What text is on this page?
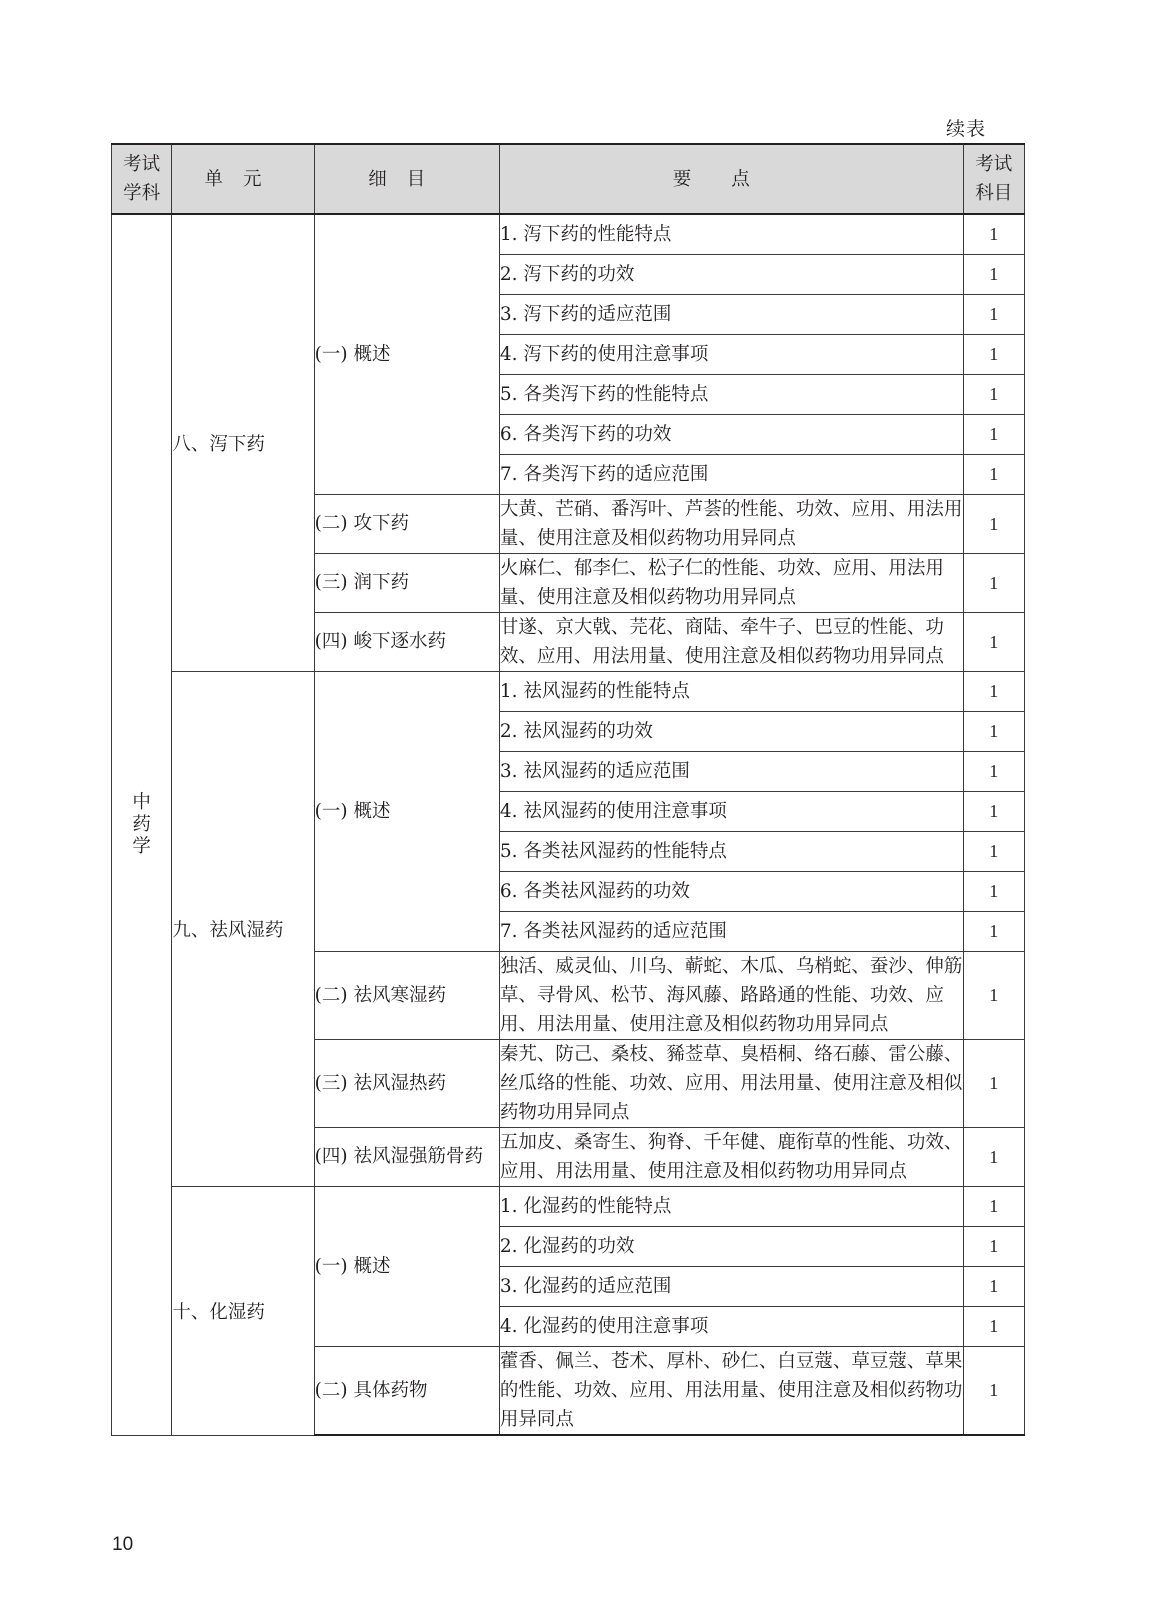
续表
考试
学科	单元	细目	要点	考试
科目

中
药
学	八、泻下药	(一) 概述	1. 泻下药的性能特点	1
			2. 泻下药的功效	1
			3. 泻下药的适应范围	1
			4. 泻下药的使用注意事项	1
			5. 各类泻下药的性能特点	1
			6. 各类泻下药的功效	1
			7. 各类泻下药的适应范围	1
		(二) 攻下药	大黄、芒硝、番泻叶、芦荟的性能、功效、应用、用法用量、使用注意及相似药物功用异同点	1
		(三) 润下药	火麻仁、郁李仁、松子仁的性能、功效、应用、用法用量、使用注意及相似药物功用异同点	1
		(四) 峻下逐水药	甘遂、京大戟、芫花、商陆、牵牛子、巴豆的性能、功效、应用、用法用量、使用注意及相似药物功用异同点	1
	九、祛风湿药	(一) 概述	1. 祛风湿药的性能特点	1
			2. 祛风湿药的功效	1
			3. 祛风湿药的适应范围	1
			4. 祛风湿药的使用注意事项	1
			5. 各类祛风湿药的性能特点	1
			6. 各类祛风湿药的功效	1
			7. 各类祛风湿药的适应范围	1
		(二) 祛风寒湿药	独活、威灵仙、川乌、蕲蛇、木瓜、乌梢蛇、蚕沙、伸筋草、寻骨风、松节、海风藤、路路通的性能、功效、应用、用法用量、使用注意及相似药物功用异同点	1
		(三) 祛风湿热药	秦艽、防己、桑枝、豨莶草、臭梧桐、络石藤、雷公藤、丝瓜络的性能、功效、应用、用法用量、使用注意及相似药物功用异同点	1
		(四) 祛风湿强筋骨药	五加皮、桑寄生、狗脊、千年健、鹿衔草的性能、功效、应用、用法用量、使用注意及相似药物功用异同点	1
	十、化湿药	(一) 概述	1. 化湿药的性能特点	1
			2. 化湿药的功效	1
			3. 化湿药的适应范围	1
			4. 化湿药的使用注意事项	1
		(二) 具体药物	藿香、佩兰、苍术、厚朴、砂仁、白豆蔻、草豆蔻、草果的性能、功效、应用、用法用量、使用注意及相似药物功用异同点	1
10
